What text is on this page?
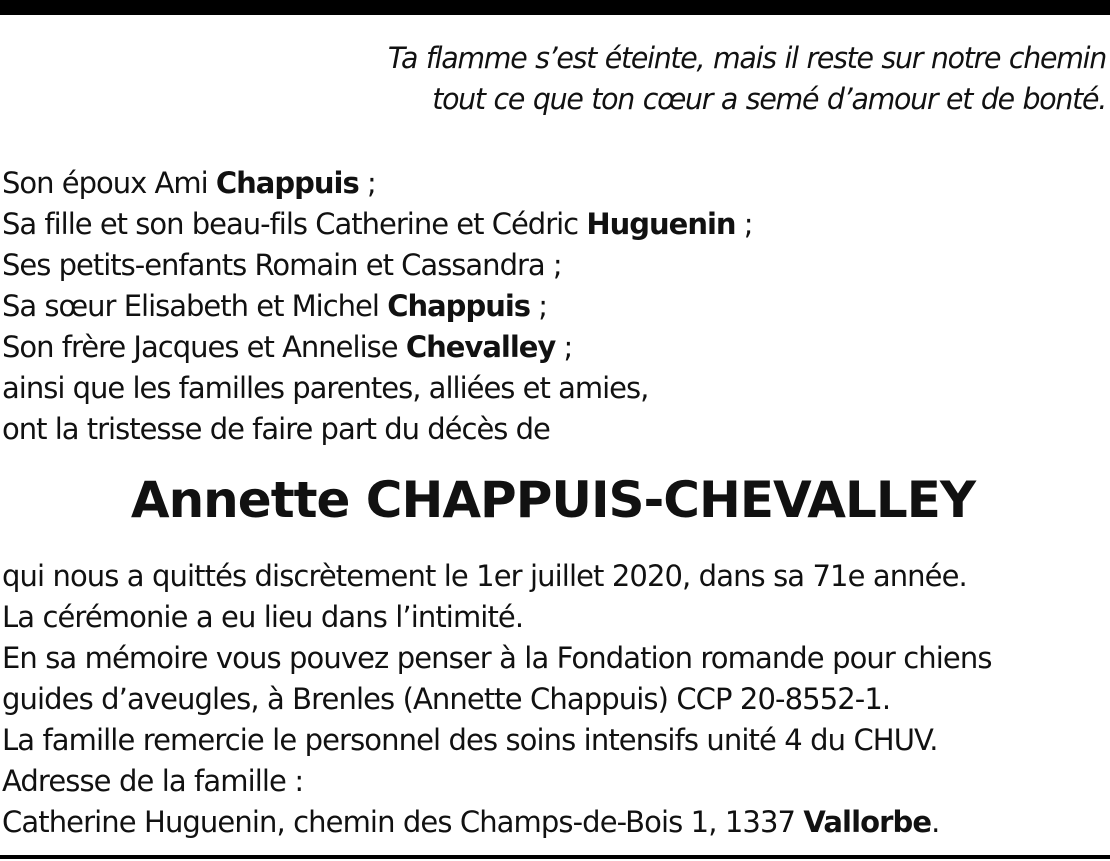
Ta flamme s’est éteinte, mais il reste sur notre chemin
tout ce que ton cœur a semé d’amour et de bonté.
Son époux Ami Chappuis ;
Sa fille et son beau-fils Catherine et Cédric Huguenin ;
Ses petits-enfants Romain et Cassandra ;
Sa sœur Elisabeth et Michel Chappuis ;
Son frère Jacques et Annelise Chevalley ;
ainsi que les familles parentes, alliées et amies,
ont la tristesse de faire part du décès de
Annette CHAPPUIS-CHEVALLEY
qui nous a quittés discrètement le 1er juillet 2020, dans sa 71e année.
La cérémonie a eu lieu dans l’intimité.
En sa mémoire vous pouvez penser à la Fondation romande pour chiens
guides d’aveugles, à Brenles (Annette Chappuis) CCP 20-8552-1.
La famille remercie le personnel des soins intensifs unité 4 du CHUV.
Adresse de la famille :
Catherine Huguenin, chemin des Champs-de-Bois 1, 1337 Vallorbe.
